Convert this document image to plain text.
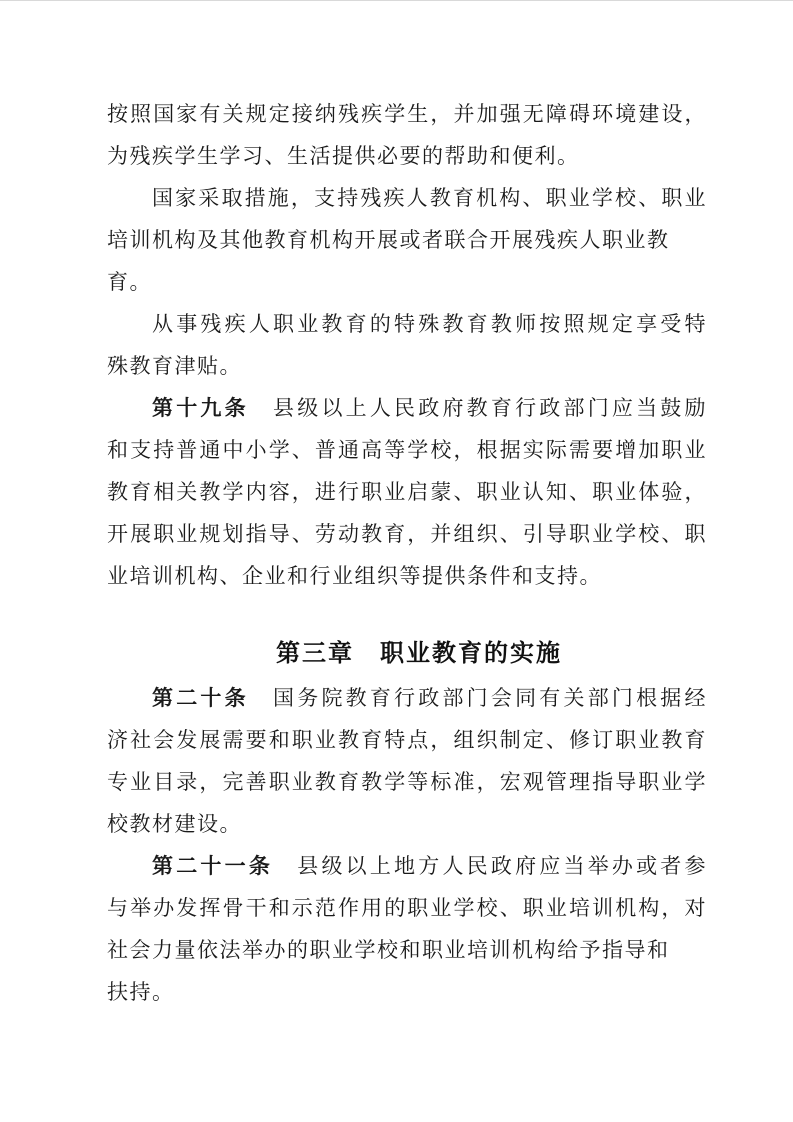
按照国家有关规定接纳残疾学生，并加强无障碍环境建设，
为残疾学生学习、生活提供必要的帮助和便利。
国家采取措施，支持残疾人教育机构、职业学校、职业
培训机构及其他教育机构开展或者联合开展残疾人职业教
育。
从事残疾人职业教育的特殊教育教师按照规定享受特
殊教育津贴。
第十九条　县级以上人民政府教育行政部门应当鼓励
和支持普通中小学、普通高等学校，根据实际需要增加职业
教育相关教学内容，进行职业启蒙、职业认知、职业体验，
开展职业规划指导、劳动教育，并组织、引导职业学校、职
业培训机构、企业和行业组织等提供条件和支持。
第三章　职业教育的实施
第二十条　国务院教育行政部门会同有关部门根据经
济社会发展需要和职业教育特点，组织制定、修订职业教育
专业目录，完善职业教育教学等标准，宏观管理指导职业学
校教材建设。
第二十一条　县级以上地方人民政府应当举办或者参
与举办发挥骨干和示范作用的职业学校、职业培训机构，对
社会力量依法举办的职业学校和职业培训机构给予指导和
扶持。
